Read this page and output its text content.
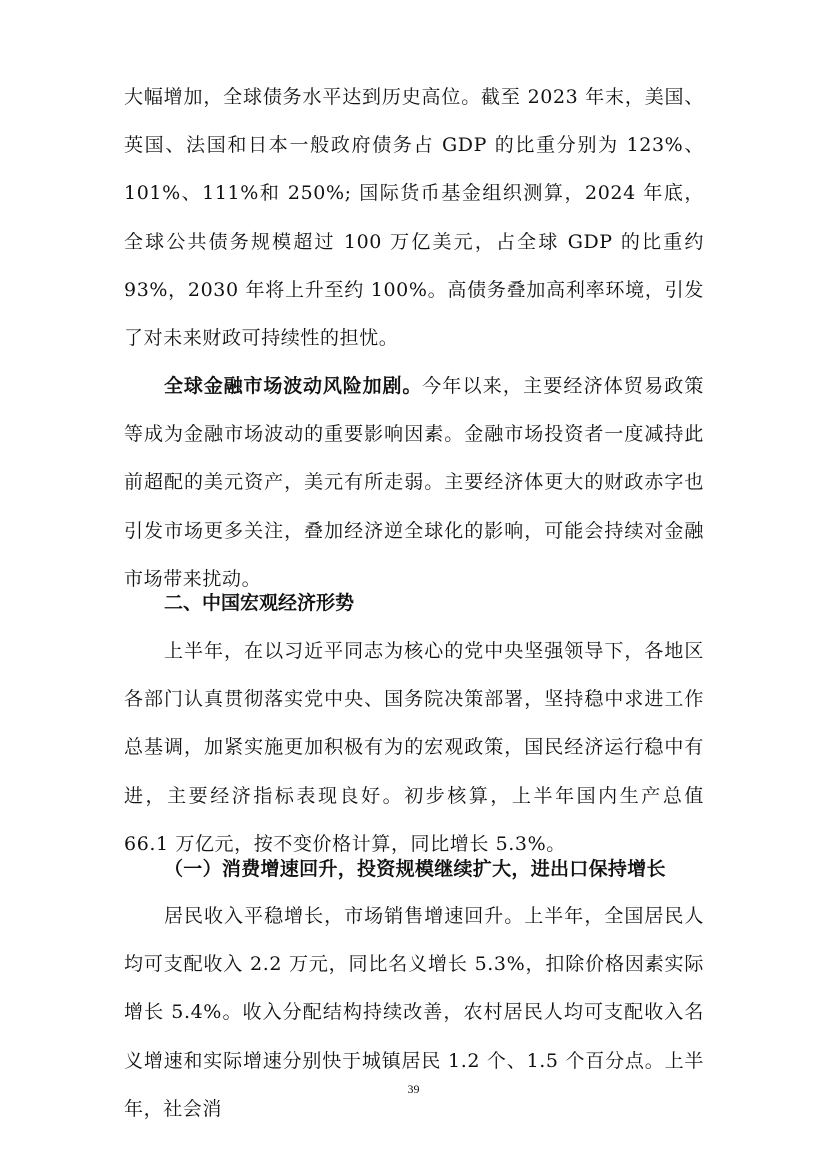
大幅增加，全球债务水平达到历史高位。截至 2023 年末，美国、英国、法国和日本一般政府债务占 GDP 的比重分别为 123%、101%、111%和 250%; 国际货币基金组织测算，2024 年底，全球公共债务规模超过 100 万亿美元，占全球 GDP 的比重约 93%，2030 年将上升至约 100%。高债务叠加高利率环境，引发了对未来财政可持续性的担忧。

全球金融市场波动风险加剧。今年以来，主要经济体贸易政策等成为金融市场波动的重要影响因素。金融市场投资者一度减持此前超配的美元资产，美元有所走弱。主要经济体更大的财政赤字也引发市场更多关注，叠加经济逆全球化的影响，可能会持续对金融市场带来扰动。

二、中国宏观经济形势

上半年，在以习近平同志为核心的党中央坚强领导下，各地区各部门认真贯彻落实党中央、国务院决策部署，坚持稳中求进工作总基调，加紧实施更加积极有为的宏观政策，国民经济运行稳中有进，主要经济指标表现良好。初步核算，上半年国内生产总值 66.1 万亿元，按不变价格计算，同比增长 5.3%。

（一）消费增速回升，投资规模继续扩大，进出口保持增长

居民收入平稳增长，市场销售增速回升。上半年，全国居民人均可支配收入 2.2 万元，同比名义增长 5.3%，扣除价格因素实际增长 5.4%。收入分配结构持续改善，农村居民人均可支配收入名义增速和实际增速分别快于城镇居民 1.2 个、1.5 个百分点。上半年，社会消

39
